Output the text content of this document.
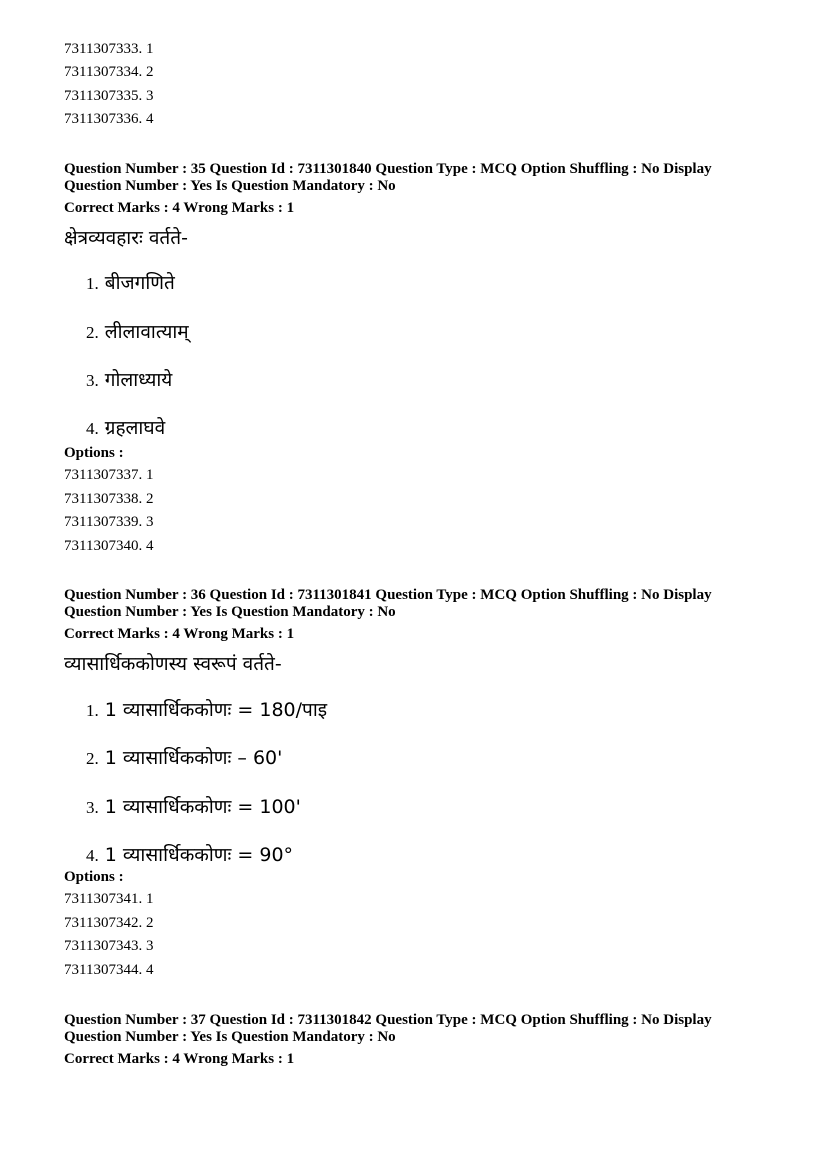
7311307333. 1
7311307334. 2
7311307335. 3
7311307336. 4
Question Number : 35 Question Id : 7311301840 Question Type : MCQ Option Shuffling : No Display
Question Number : Yes Is Question Mandatory : No
Correct Marks : 4 Wrong Marks : 1
क्षेत्रव्यवहारः वर्तते-
1. बीजगणिते
2. लीलावात्याम्
3. गोलाध्याये
4. ग्रहलाघवे
Options :
7311307337. 1
7311307338. 2
7311307339. 3
7311307340. 4
Question Number : 36 Question Id : 7311301841 Question Type : MCQ Option Shuffling : No Display
Question Number : Yes Is Question Mandatory : No
Correct Marks : 4 Wrong Marks : 1
व्यासार्धिककोणस्य स्वरूपं वर्तते-
1. 1 व्यासार्धिककोणः = 180/पाइ
2. 1 व्यासार्धिककोणः – 60'
3. 1 व्यासार्धिककोणः = 100'
4. 1 व्यासार्धिककोणः = 90°
Options :
7311307341. 1
7311307342. 2
7311307343. 3
7311307344. 4
Question Number : 37 Question Id : 7311301842 Question Type : MCQ Option Shuffling : No Display
Question Number : Yes Is Question Mandatory : No
Correct Marks : 4 Wrong Marks : 1
